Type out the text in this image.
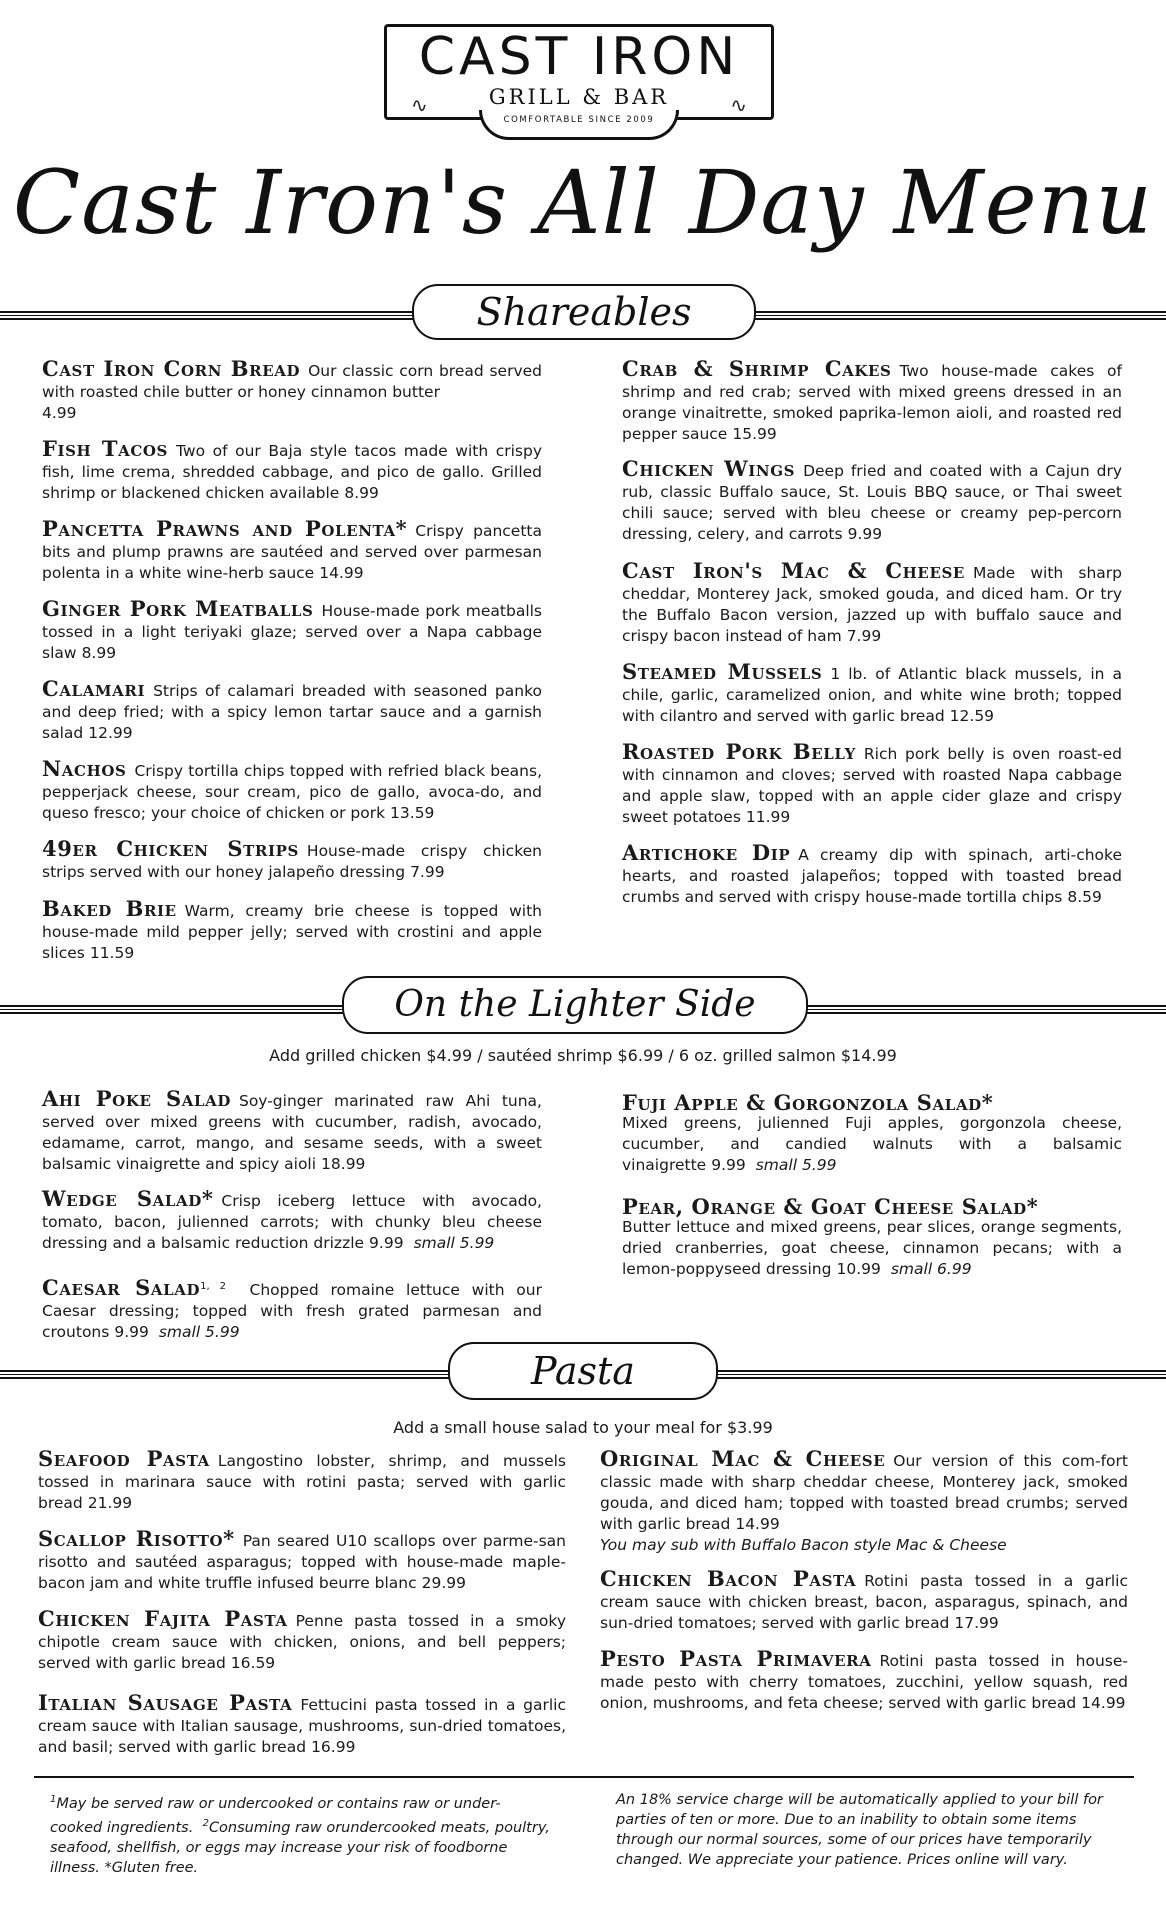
CAST IRON
GRILL & BAR
∿	∿
COMFORTABLE SINCE 2009
Cast Iron's All Day Menu
Shareables
Cast Iron Corn Bread Our classic corn bread served with roasted chile butter or honey cinnamon butter
4.99
Fish Tacos Two of our Baja style tacos made with crispy fish, lime crema, shredded cabbage, and pico de gallo. Grilled shrimp or blackened chicken available 8.99
Pancetta Prawns and Polenta* Crispy pancetta bits and plump prawns are sautéed and served over parmesan polenta in a white wine-herb sauce 14.99
Ginger Pork Meatballs House-made pork meatballs tossed in a light teriyaki glaze; served over a Napa cabbage slaw 8.99
Calamari Strips of calamari breaded with seasoned panko and deep fried; with a spicy lemon tartar sauce and a garnish salad 12.99
Nachos Crispy tortilla chips topped with refried black beans, pepperjack cheese, sour cream, pico de gallo, avoca-do, and queso fresco; your choice of chicken or pork 13.59
49er Chicken Strips House-made crispy chicken strips served with our honey jalapeño dressing 7.99
Baked Brie Warm, creamy brie cheese is topped with house-made mild pepper jelly; served with crostini and apple slices 11.59
Crab & Shrimp Cakes Two house-made cakes of shrimp and red crab; served with mixed greens dressed in an orange vinaitrette, smoked paprika-lemon aioli, and roasted red pepper sauce 15.99
Chicken Wings Deep fried and coated with a Cajun dry rub, classic Buffalo sauce, St. Louis BBQ sauce, or Thai sweet chili sauce; served with bleu cheese or creamy pep-percorn dressing, celery, and carrots 9.99
Cast Iron's Mac & Cheese Made with sharp cheddar, Monterey Jack, smoked gouda, and diced ham. Or try the Buffalo Bacon version, jazzed up with buffalo sauce and crispy bacon instead of ham 7.99
Steamed Mussels 1 lb. of Atlantic black mussels, in a chile, garlic, caramelized onion, and white wine broth; topped with cilantro and served with garlic bread 12.59
Roasted Pork Belly Rich pork belly is oven roast-ed with cinnamon and cloves; served with roasted Napa cabbage and apple slaw, topped with an apple cider glaze and crispy sweet potatoes 11.99
Artichoke Dip A creamy dip with spinach, arti-choke hearts, and roasted jalapeños; topped with toasted bread crumbs and served with crispy house-made tortilla chips 8.59
On the Lighter Side
Add grilled chicken $4.99 / sautéed shrimp $6.99 / 6 oz. grilled salmon $14.99
Ahi Poke Salad Soy-ginger marinated raw Ahi tuna, served over mixed greens with cucumber, radish, avocado, edamame, carrot, mango, and sesame seeds, with a sweet balsamic vinaigrette and spicy aioli 18.99
Wedge Salad* Crisp iceberg lettuce with avocado, tomato, bacon, julienned carrots; with chunky bleu cheese dressing and a balsamic reduction drizzle 9.99 small 5.99
Caesar Salad$^{1, 2}$ Chopped romaine lettuce with our Caesar dressing; topped with fresh grated parmesan and croutons 9.99 small 5.99
Fuji Apple & Gorgonzola Salad*
Mixed greens, julienned Fuji apples, gorgonzola cheese, cucumber, and candied walnuts with a balsamic vinaigrette 9.99 small 5.99
Pear, Orange & Goat Cheese Salad*
Butter lettuce and mixed greens, pear slices, orange segments, dried cranberries, goat cheese, cinnamon pecans; with a lemon-poppyseed dressing 10.99 small 6.99
Pasta
Add a small house salad to your meal for $3.99
Seafood Pasta Langostino lobster, shrimp, and mussels tossed in marinara sauce with rotini pasta; served with garlic bread 21.99
Scallop Risotto* Pan seared U10 scallops over parme-san risotto and sautéed asparagus; topped with house-made maple-bacon jam and white truffle infused beurre blanc 29.99
Chicken Fajita Pasta Penne pasta tossed in a smoky chipotle cream sauce with chicken, onions, and bell peppers; served with garlic bread 16.59
Italian Sausage Pasta Fettucini pasta tossed in a garlic cream sauce with Italian sausage, mushrooms, sun-dried tomatoes, and basil; served with garlic bread 16.99
Original Mac & Cheese Our version of this com-fort classic made with sharp cheddar cheese, Monterey jack, smoked gouda, and diced ham; topped with toasted bread crumbs; served with garlic bread 14.99
You may sub with Buffalo Bacon style Mac & Cheese
Chicken Bacon Pasta Rotini pasta tossed in a garlic cream sauce with chicken breast, bacon, asparagus, spinach, and sun-dried tomatoes; served with garlic bread 17.99
Pesto Pasta Primavera Rotini pasta tossed in house-made pesto with cherry tomatoes, zucchini, yellow squash, red onion, mushrooms, and feta cheese; served with garlic bread 14.99
$^1$May be served raw or undercooked or contains raw or under-cooked ingredients. $^2$Consuming raw orundercooked meats, poultry, seafood, shellfish, or eggs may increase your risk of foodborne illness. *Gluten free.
An 18% service charge will be automatically applied to your bill for parties of ten or more. Due to an inability to obtain some items through our normal sources, some of our prices have temporarily changed. We appreciate your patience. Prices online will vary.
